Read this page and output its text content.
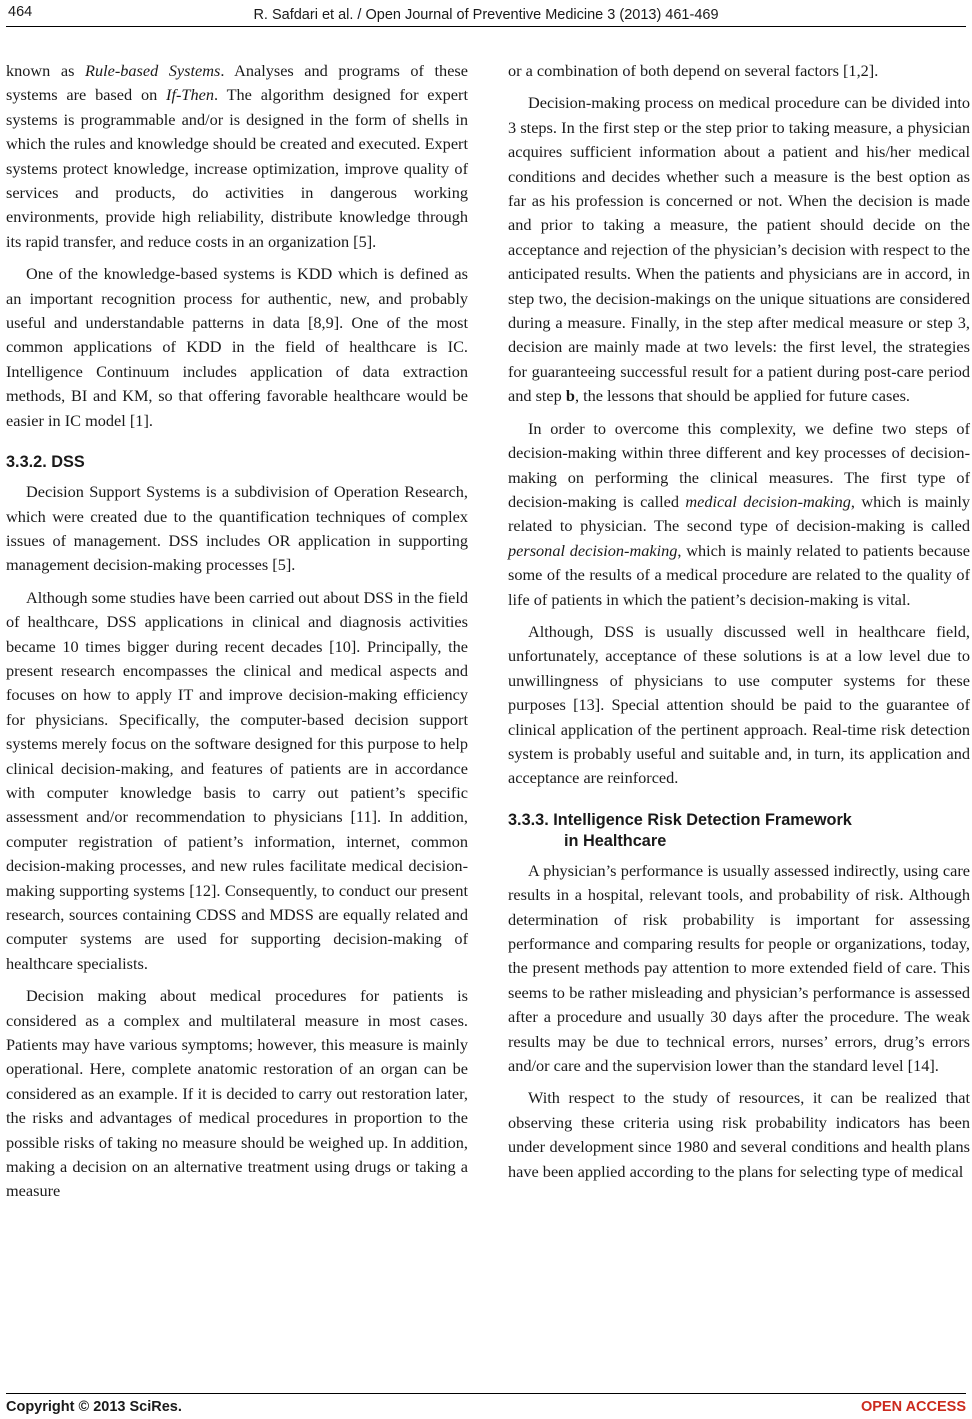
464	R. Safdari et al. / Open Journal of Preventive Medicine 3 (2013) 461-469

known as Rule-based Systems. Analyses and programs of these systems are based on If-Then. The algorithm designed for expert systems is programmable and/or is designed in the form of shells in which the rules and knowledge should be created and executed. Expert systems protect knowledge, increase optimization, improve quality of services and products, do activities in dangerous working environments, provide high reliability, distribute knowledge through its rapid transfer, and reduce costs in an organization [5].

One of the knowledge-based systems is KDD which is defined as an important recognition process for authentic, new, and probably useful and understandable patterns in data [8,9]. One of the most common applications of KDD in the field of healthcare is IC. Intelligence Continuum includes application of data extraction methods, BI and KM, so that offering favorable healthcare would be easier in IC model [1].

3.3.2. DSS

Decision Support Systems is a subdivision of Operation Research, which were created due to the quantification techniques of complex issues of management. DSS includes OR application in supporting management decision-making processes [5].

Although some studies have been carried out about DSS in the field of healthcare, DSS applications in clinical and diagnosis activities became 10 times bigger during recent decades [10]. Principally, the present research encompasses the clinical and medical aspects and focuses on how to apply IT and improve decision-making efficiency for physicians. Specifically, the computer-based decision support systems merely focus on the software designed for this purpose to help clinical decision-making, and features of patients are in accordance with computer knowledge basis to carry out patient’s specific assessment and/or recommendation to physicians [11]. In addition, computer registration of patient’s information, internet, common decision-making processes, and new rules facilitate medical decision-making supporting systems [12]. Consequently, to conduct our present research, sources containing CDSS and MDSS are equally related and computer systems are used for supporting decision-making of healthcare specialists.

Decision making about medical procedures for patients is considered as a complex and multilateral measure in most cases. Patients may have various symptoms; however, this measure is mainly operational. Here, complete anatomic restoration of an organ can be considered as an example. If it is decided to carry out restoration later, the risks and advantages of medical procedures in proportion to the possible risks of taking no measure should be weighed up. In addition, making a decision on an alternative treatment using drugs or taking a measure

or a combination of both depend on several factors [1,2].

Decision-making process on medical procedure can be divided into 3 steps. In the first step or the step prior to taking measure, a physician acquires sufficient information about a patient and his/her medical conditions and decides whether such a measure is the best option as far as his profession is concerned or not. When the decision is made and prior to taking a measure, the patient should decide on the acceptance and rejection of the physician’s decision with respect to the anticipated results. When the patients and physicians are in accord, in step two, the decision-makings on the unique situations are considered during a measure. Finally, in the step after medical measure or step 3, decision are mainly made at two levels: the first level, the strategies for guaranteeing successful result for a patient during post-care period and step b, the lessons that should be applied for future cases.

In order to overcome this complexity, we define two steps of decision-making within three different and key processes of decision-making on performing the clinical measures. The first type of decision-making is called medical decision-making, which is mainly related to physician. The second type of decision-making is called personal decision-making, which is mainly related to patients because some of the results of a medical procedure are related to the quality of life of patients in which the patient’s decision-making is vital.

Although, DSS is usually discussed well in healthcare field, unfortunately, acceptance of these solutions is at a low level due to unwillingness of physicians to use computer systems for these purposes [13]. Special attention should be paid to the guarantee of clinical application of the pertinent approach. Real-time risk detection system is probably useful and suitable and, in turn, its application and acceptance are reinforced.

3.3.3. Intelligence Risk Detection Framework
in Healthcare

A physician’s performance is usually assessed indirectly, using care results in a hospital, relevant tools, and probability of risk. Although determination of risk probability is important for assessing performance and comparing results for people or organizations, today, the present methods pay attention to more extended field of care. This seems to be rather misleading and physician’s performance is assessed after a procedure and usually 30 days after the procedure. The weak results may be due to technical errors, nurses’ errors, drug’s errors and/or care and the supervision lower than the standard level [14].

With respect to the study of resources, it can be realized that observing these criteria using risk probability indicators has been under development since 1980 and several conditions and health plans have been applied according to the plans for selecting type of medical

Copyright © 2013 SciRes.	OPEN ACCESS
